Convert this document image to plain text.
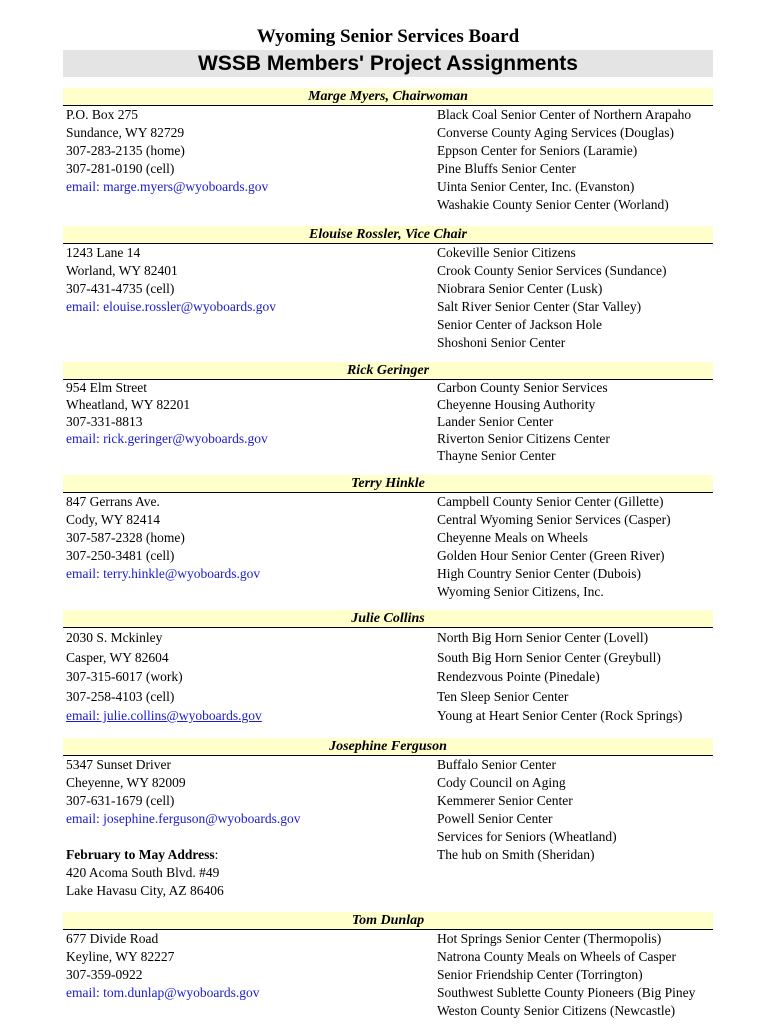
Wyoming Senior Services Board
WSSB Members' Project Assignments
Marge Myers, Chairwoman
P.O. Box 275
Sundance, WY 82729
307-283-2135 (home)
307-281-0190 (cell)
email: marge.myers@wyoboards.gov
Black Coal Senior Center of Northern Arapaho
Converse County Aging Services (Douglas)
Eppson Center for Seniors (Laramie)
Pine Bluffs Senior Center
Uinta Senior Center, Inc. (Evanston)
Washakie County Senior Center (Worland)
Elouise Rossler, Vice Chair
1243 Lane 14
Worland, WY 82401
307-431-4735 (cell)
email: elouise.rossler@wyoboards.gov
Cokeville Senior Citizens
Crook County Senior Services (Sundance)
Niobrara Senior Center (Lusk)
Salt River Senior Center (Star Valley)
Senior Center of Jackson Hole
Shoshoni Senior Center
Rick Geringer
954 Elm Street
Wheatland, WY 82201
307-331-8813
email: rick.geringer@wyoboards.gov
Carbon County Senior Services
Cheyenne Housing Authority
Lander Senior Center
Riverton Senior Citizens Center
Thayne Senior Center
Terry Hinkle
847 Gerrans Ave.
Cody, WY 82414
307-587-2328 (home)
307-250-3481 (cell)
email: terry.hinkle@wyoboards.gov
Campbell County Senior Center (Gillette)
Central Wyoming Senior Services (Casper)
Cheyenne Meals on Wheels
Golden Hour Senior Center (Green River)
High Country Senior Center (Dubois)
Wyoming Senior Citizens, Inc.
Julie Collins
2030 S. Mckinley
Casper, WY 82604
307-315-6017 (work)
307-258-4103 (cell)
email: julie.collins@wyoboards.gov
North Big Horn Senior Center (Lovell)
South Big Horn Senior Center (Greybull)
Rendezvous Pointe (Pinedale)
Ten Sleep Senior Center
Young at Heart Senior Center (Rock Springs)
Josephine Ferguson
5347 Sunset Driver
Cheyenne, WY 82009
307-631-1679 (cell)
email: josephine.ferguson@wyoboards.gov
February to May Address:
420 Acoma South Blvd. #49
Lake Havasu City, AZ 86406
Buffalo Senior Center
Cody Council on Aging
Kemmerer Senior Center
Powell Senior Center
Services for Seniors (Wheatland)
The hub on Smith (Sheridan)
Tom Dunlap
677 Divide Road
Keyline, WY 82227
307-359-0922
email: tom.dunlap@wyoboards.gov
Hot Springs Senior Center (Thermopolis)
Natrona County Meals on Wheels of Casper
Senior Friendship Center (Torrington)
Southwest Sublette County Pioneers (Big Piney
Weston County Senior Citizens (Newcastle)
